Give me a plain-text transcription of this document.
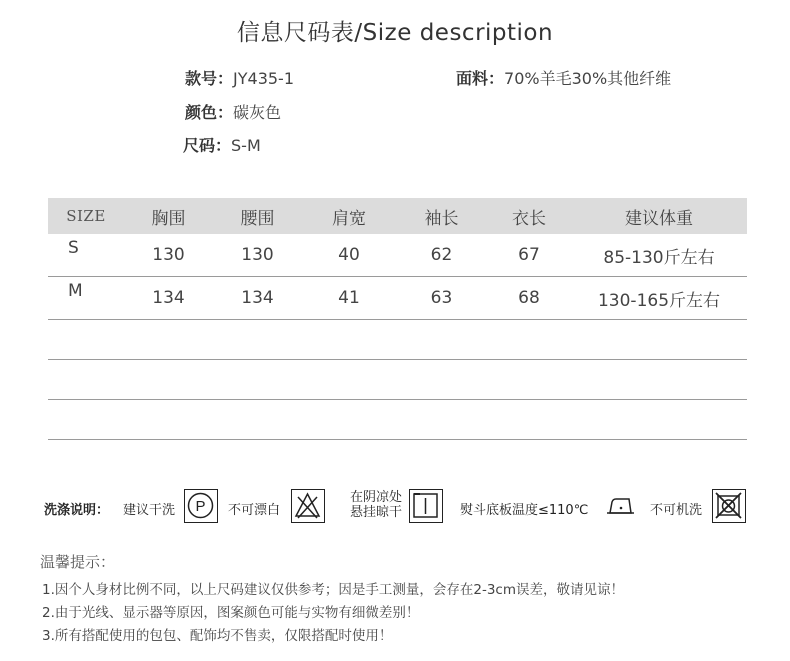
信息尺码表/Size description
款号：JY435-1	面料：70%羊毛30%其他纤维
颜色：碳灰色
尺码：S-M
SIZE	胸围	腰围	肩宽	袖长	衣长	建议体重
S	130	130	40	62	67	85-130斤左右
M	134	134	41	63	68	130-165斤左右

洗涤说明： 建议干洗 P 不可漂白
在阴凉处
悬挂晾干	熨斗底板温度≤110℃	不可机洗
温馨提示：
1.因个人身材比例不同，以上尺码建议仅供参考；因是手工测量，会存在2-3cm误差，敬请见谅！
2.由于光线、显示器等原因，图案颜色可能与实物有细微差别！
3.所有搭配使用的包包、配饰均不售卖，仅限搭配时使用！
